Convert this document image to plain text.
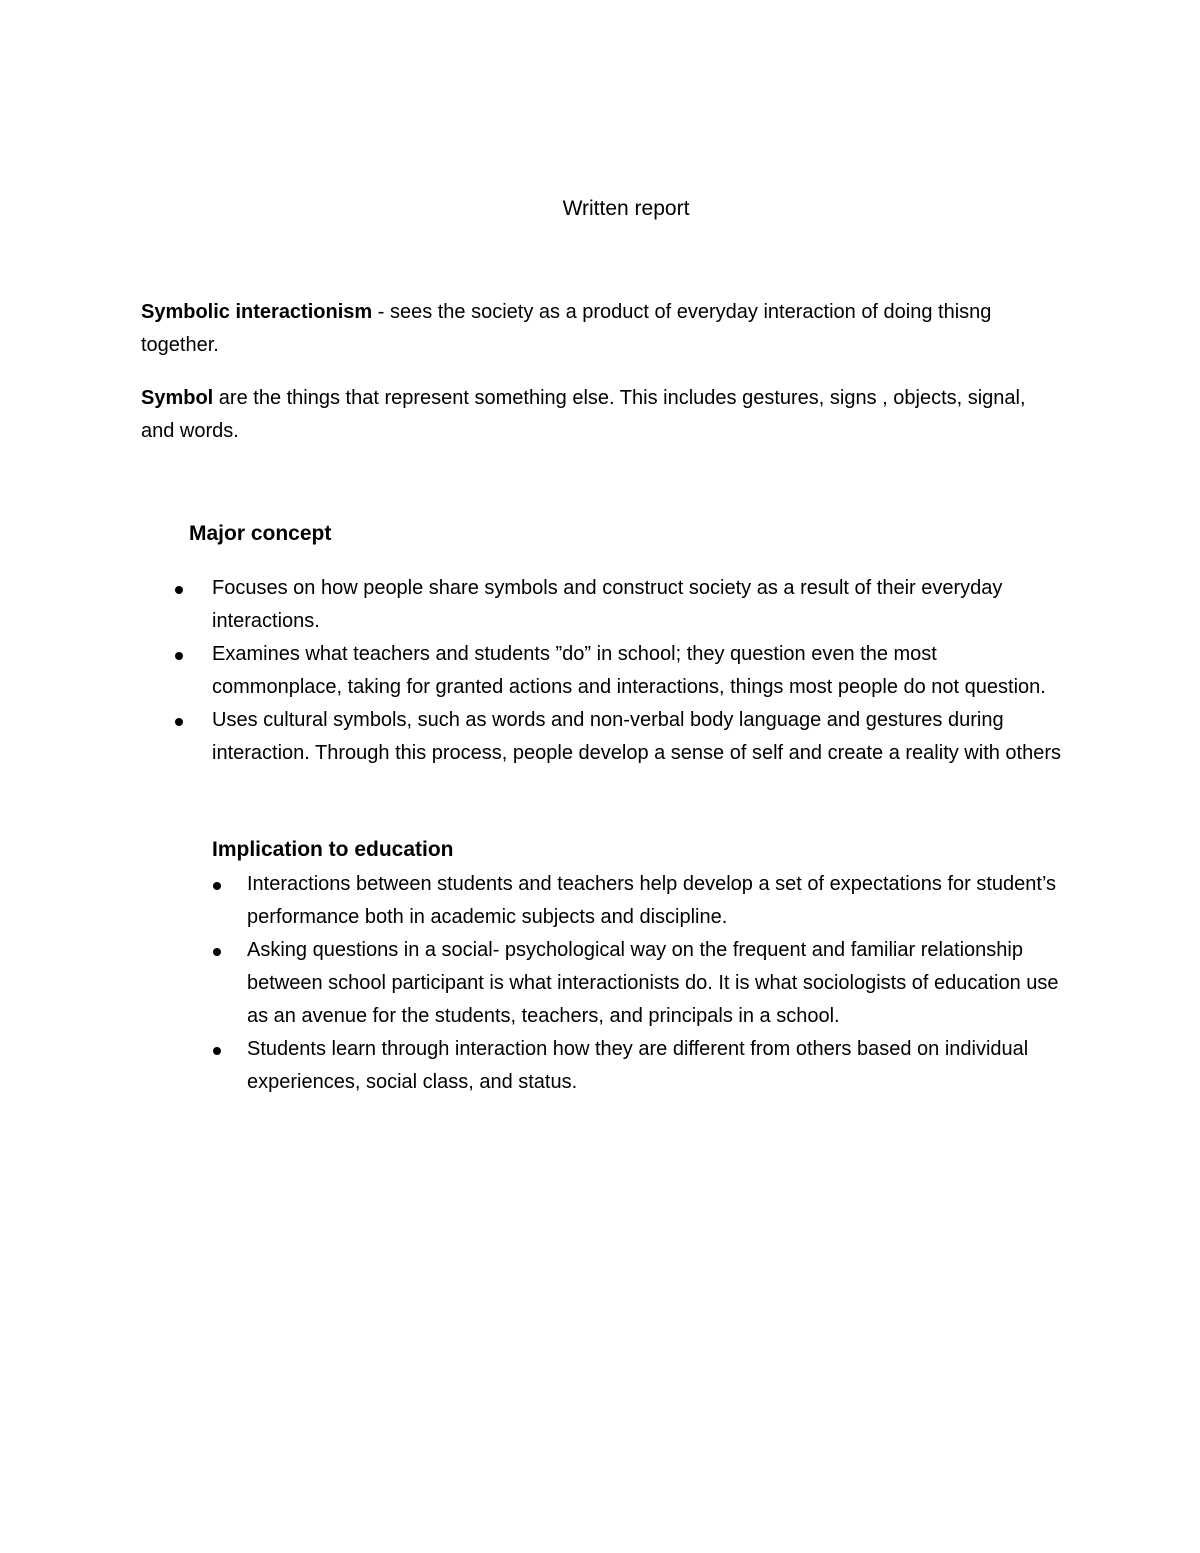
Written report

Symbolic interactionism - sees the society as a product of everyday interaction of doing thisng together.

Symbol are the things that represent something else. This includes gestures, signs , objects, signal, and words.

Major concept
Focuses on how people share symbols and construct society as a result of their everyday interactions.
Examines what teachers and students ”do” in school; they question even the most commonplace, taking for granted actions and interactions, things most people do not question.
Uses cultural symbols, such as words and non-verbal body language and gestures during interaction. Through this process, people develop a sense of self and create a reality with others
Implication to education
Interactions between students and teachers help develop a set of expectations for student’s performance both in academic subjects and discipline.
Asking questions in a social- psychological way on the frequent and familiar relationship between school participant is what interactionists do. It is what sociologists of education use as an avenue for the students, teachers, and principals in a school.
Students learn through interaction how they are different from others based on individual experiences, social class, and status.
